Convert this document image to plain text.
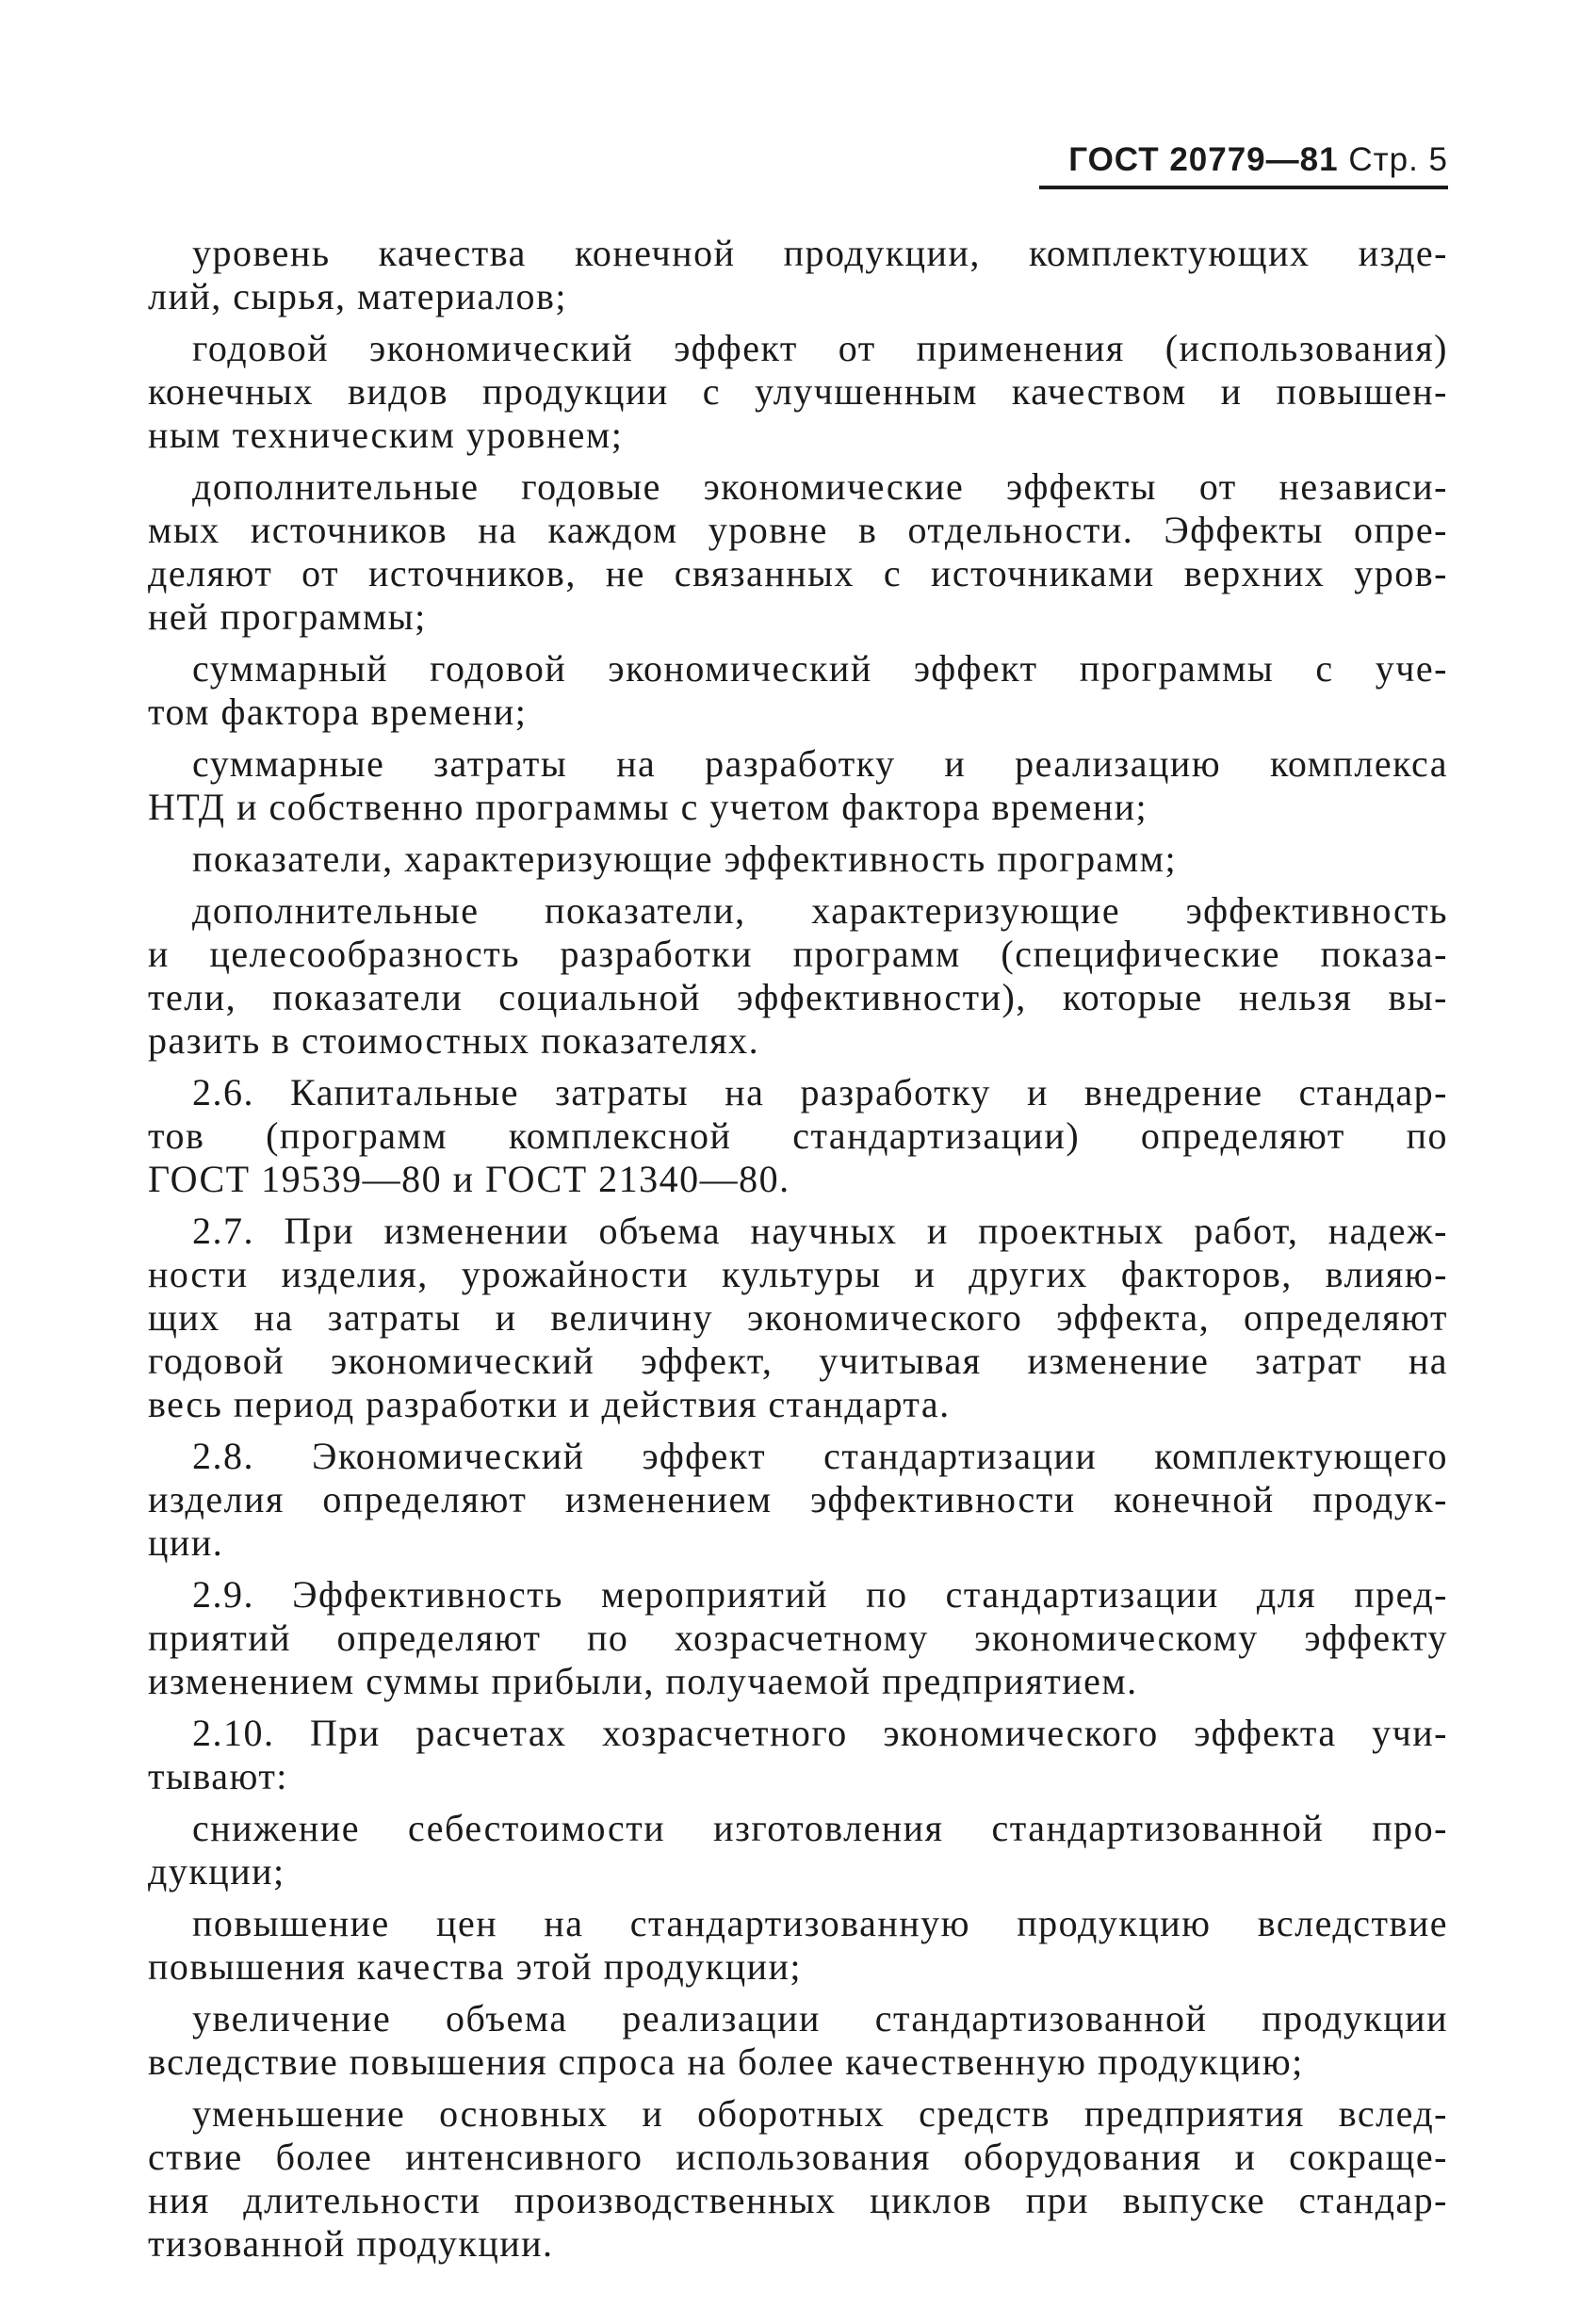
ГОСТ 20779—81 Стр. 5
уровень качества конечной продукции, комплектующих изде-
лий, сырья, материалов;
годовой экономический эффект от применения (использования)
конечных видов продукции с улучшенным качеством и повышен-
ным техническим уровнем;
дополнительные годовые экономические эффекты от независи-
мых источников на каждом уровне в отдельности. Эффекты опре-
деляют от источников, не связанных с источниками верхних уров-
ней программы;
суммарный годовой экономический эффект программы с уче-
том фактора времени;
суммарные затраты на разработку и реализацию комплекса
НТД и собственно программы с учетом фактора времени;
показатели, характеризующие эффективность программ;
дополнительные показатели, характеризующие эффективность
и целесообразность разработки программ (специфические показа-
тели, показатели социальной эффективности), которые нельзя вы-
разить в стоимостных показателях.
2.6. Капитальные затраты на разработку и внедрение стандар-
тов (программ комплексной стандартизации) определяют по
ГОСТ 19539—80 и ГОСТ 21340—80.
2.7. При изменении объема научных и проектных работ, надеж-
ности изделия, урожайности культуры и других факторов, влияю-
щих на затраты и величину экономического эффекта, определяют
годовой экономический эффект, учитывая изменение затрат на
весь период разработки и действия стандарта.
2.8. Экономический эффект стандартизации комплектующего
изделия определяют изменением эффективности конечной продук-
ции.
2.9. Эффективность мероприятий по стандартизации для пред-
приятий определяют по хозрасчетному экономическому эффекту
изменением суммы прибыли, получаемой предприятием.
2.10. При расчетах хозрасчетного экономического эффекта учи-
тывают:
снижение себестоимости изготовления стандартизованной про-
дукции;
повышение цен на стандартизованную продукцию вследствие
повышения качества этой продукции;
увеличение объема реализации стандартизованной продукции
вследствие повышения спроса на более качественную продукцию;
уменьшение основных и оборотных средств предприятия вслед-
ствие более интенсивного использования оборудования и сокраще-
ния длительности производственных циклов при выпуске стандар-
тизованной продукции.
